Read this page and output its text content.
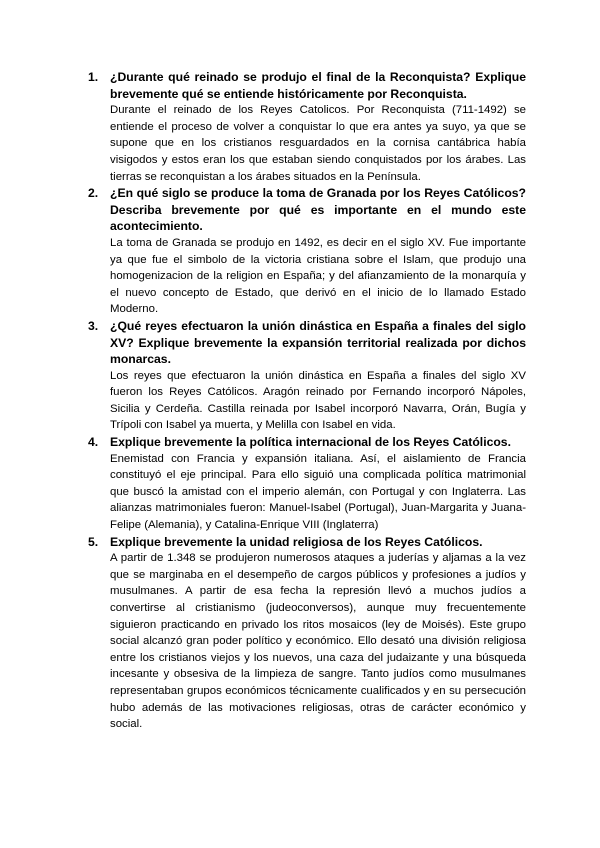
1. ¿Durante qué reinado se produjo el final de la Reconquista? Explique brevemente qué se entiende históricamente por Reconquista.

Durante el reinado de los Reyes Catolicos. Por Reconquista (711-1492) se entiende el proceso de volver a conquistar lo que era antes ya suyo, ya que se supone que en los cristianos resguardados en la cornisa cantábrica había visigodos y estos eran los que estaban siendo conquistados por los árabes. Las tierras se reconquistan a los árabes situados en la Península.

2. ¿En qué siglo se produce la toma de Granada por los Reyes Católicos? Describa brevemente por qué es importante en el mundo este acontecimiento.

La toma de Granada se produjo en 1492, es decir en el siglo XV. Fue importante ya que fue el simbolo de la victoria cristiana sobre el Islam, que produjo una homogenizacion de la religion en España; y del afianzamiento de la monarquía y el nuevo concepto de Estado, que derivó en el inicio de lo llamado Estado Moderno.

3. ¿Qué reyes efectuaron la unión dinástica en España a finales del siglo XV? Explique brevemente la expansión territorial realizada por dichos monarcas.

Los reyes que efectuaron la unión dinástica en España a finales del siglo XV fueron los Reyes Católicos. Aragón reinado por Fernando incorporó Nápoles, Sicilia y Cerdeña. Castilla reinada por Isabel incorporó Navarra, Orán, Bugía y Trípoli con Isabel ya muerta, y Melilla con Isabel en vida.

4. Explique brevemente la política internacional de los Reyes Católicos.

Enemistad con Francia y expansión italiana. Así, el aislamiento de Francia constituyó el eje principal. Para ello siguió una complicada política matrimonial que buscó la amistad con el imperio alemán, con Portugal y con Inglaterra. Las alianzas matrimoniales fueron: Manuel-Isabel (Portugal), Juan-Margarita y Juana-Felipe (Alemania), y Catalina-Enrique VIII (Inglaterra)

5. Explique brevemente la unidad religiosa de los Reyes Católicos.

A partir de 1.348 se produjeron numerosos ataques a juderías y aljamas a la vez que se marginaba en el desempeño de cargos públicos y profesiones a judíos y musulmanes. A partir de esa fecha la represión llevó a muchos judíos a convertirse al cristianismo (judeoconversos), aunque muy frecuentemente siguieron practicando en privado los ritos mosaicos (ley de Moisés). Este grupo social alcanzó gran poder político y económico. Ello desató una división religiosa entre los cristianos viejos y los nuevos, una caza del judaizante y una búsqueda incesante y obsesiva de la limpieza de sangre. Tanto judíos como musulmanes representaban grupos económicos técnicamente cualificados y en su persecución hubo además de las motivaciones religiosas, otras de carácter económico y social.
